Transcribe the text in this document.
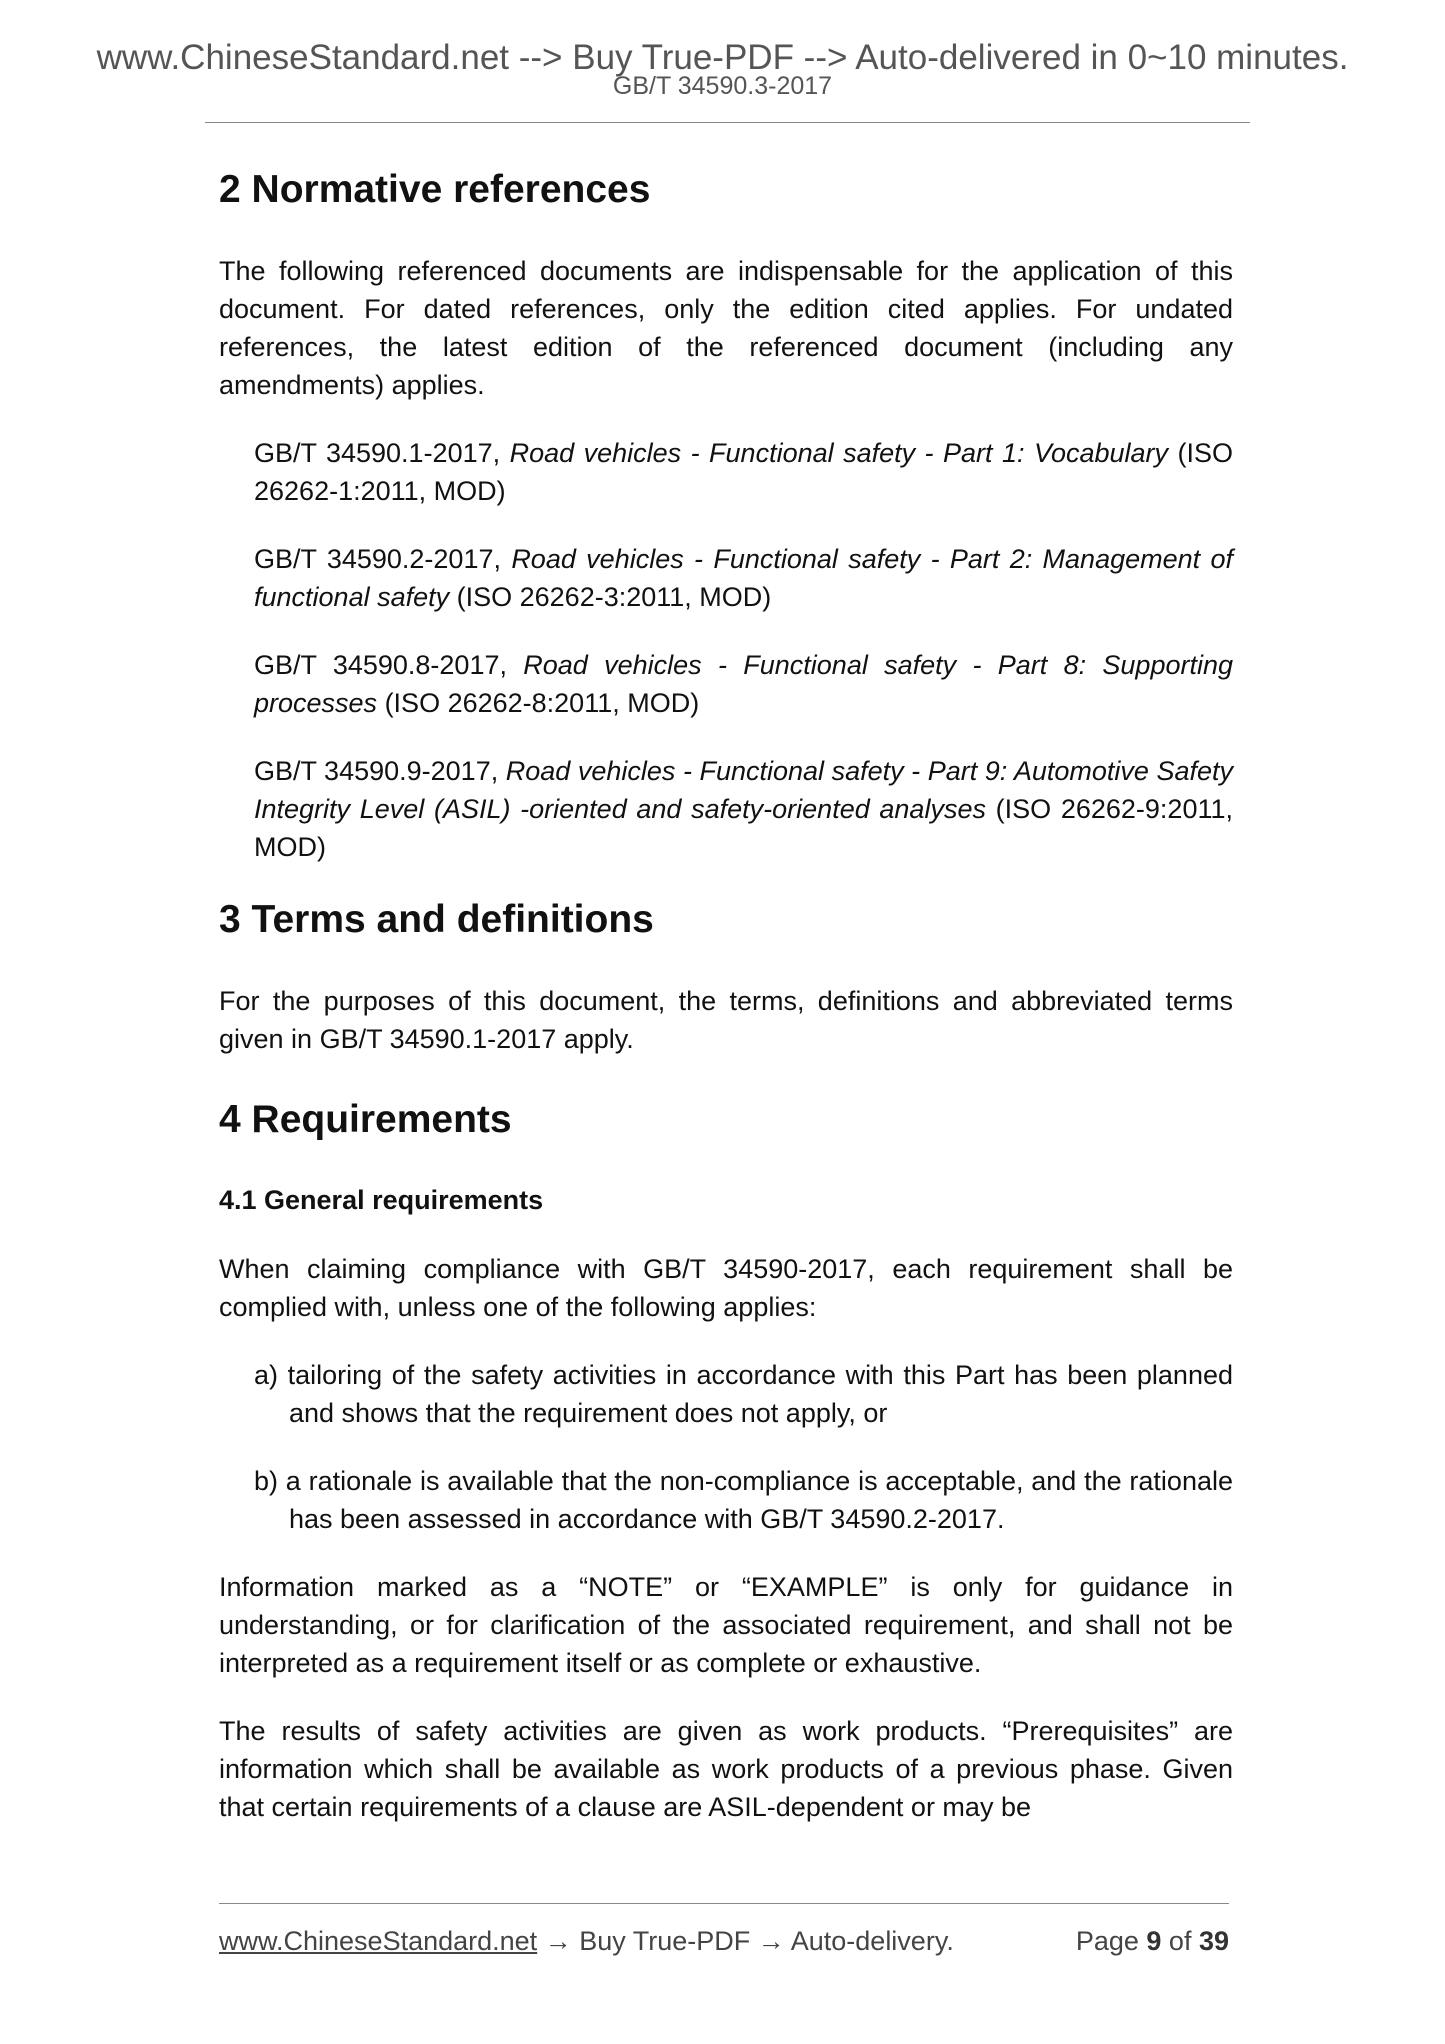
www.ChineseStandard.net --> Buy True-PDF --> Auto-delivered in 0~10 minutes.
GB/T 34590.3-2017
2 Normative references

The following referenced documents are indispensable for the application of this document. For dated references, only the edition cited applies. For undated references, the latest edition of the referenced document (including any amendments) applies.

GB/T 34590.1-2017, Road vehicles - Functional safety - Part 1: Vocabulary (ISO 26262-1:2011, MOD)

GB/T 34590.2-2017, Road vehicles - Functional safety - Part 2: Management of functional safety (ISO 26262-3:2011, MOD)

GB/T 34590.8-2017, Road vehicles - Functional safety - Part 8: Supporting processes (ISO 26262-8:2011, MOD)

GB/T 34590.9-2017, Road vehicles - Functional safety - Part 9: Automotive Safety Integrity Level (ASIL) -oriented and safety-oriented analyses (ISO 26262-9:2011, MOD)

3 Terms and definitions

For the purposes of this document, the terms, definitions and abbreviated terms given in GB/T 34590.1-2017 apply.

4 Requirements
4.1 General requirements

When claiming compliance with GB/T 34590-2017, each requirement shall be complied with, unless one of the following applies:

a) tailoring of the safety activities in accordance with this Part has been planned and shows that the requirement does not apply, or

b) a rationale is available that the non-compliance is acceptable, and the rationale has been assessed in accordance with GB/T 34590.2-2017.

Information marked as a “NOTE” or “EXAMPLE” is only for guidance in understanding, or for clarification of the associated requirement, and shall not be interpreted as a requirement itself or as complete or exhaustive.

The results of safety activities are given as work products. “Prerequisites” are information which shall be available as work products of a previous phase. Given that certain requirements of a clause are ASIL-dependent or may be

www.ChineseStandard.net → Buy True-PDF → Auto-delivery.	Page 9 of 39
